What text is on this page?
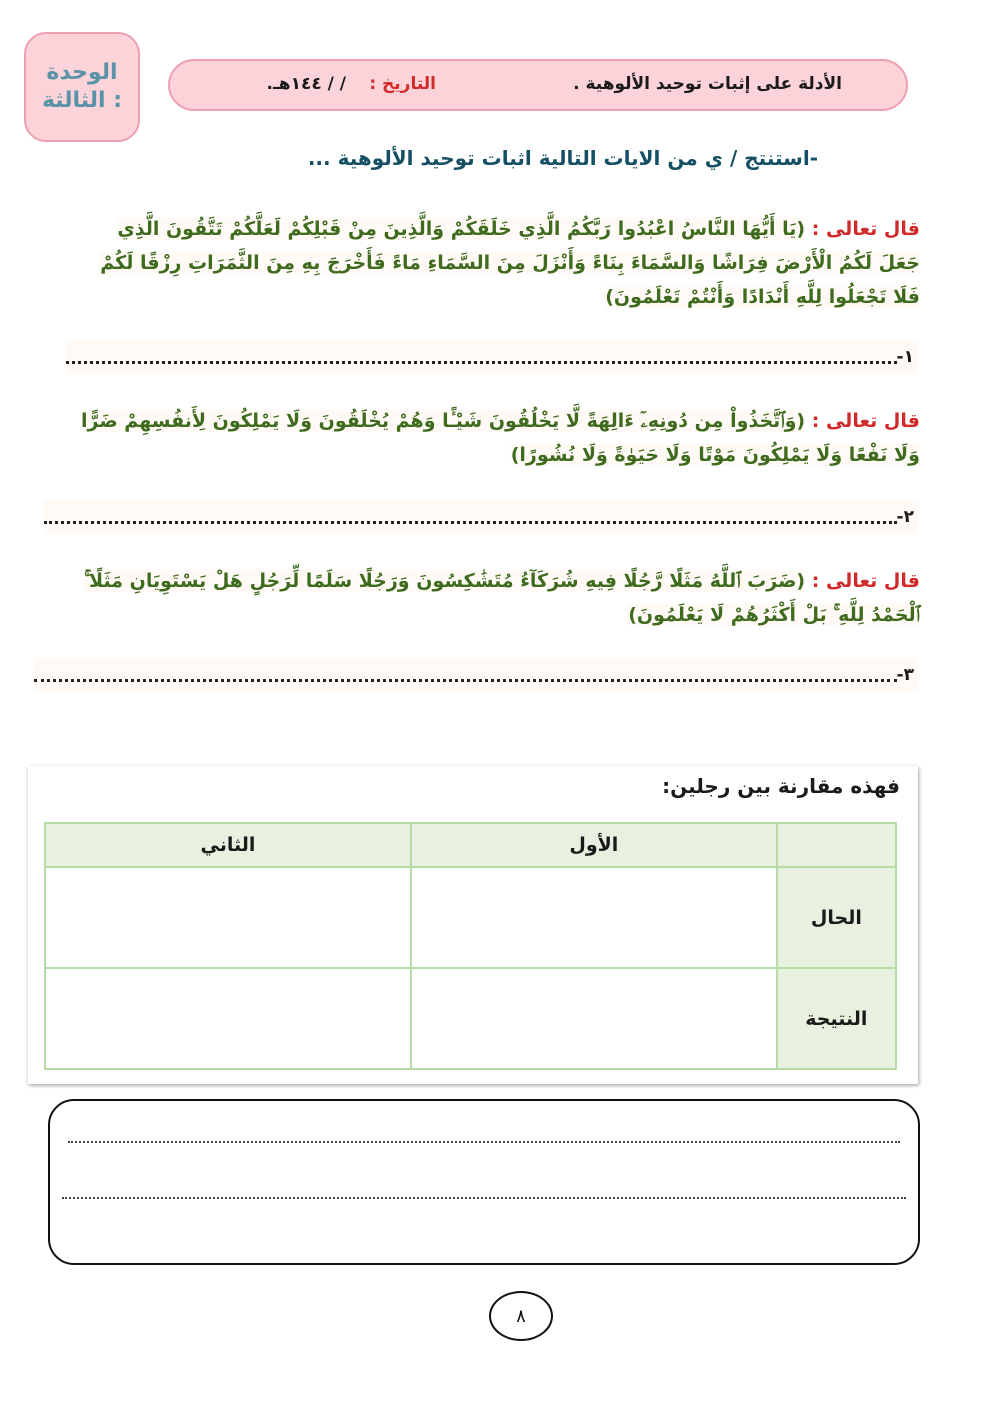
الوحدة
الثالثة :
الأدلة على إثبات توحيد الألوهية .
التاريخ :
/ / ١٤٤هـ.
-استنتج / ي من الايات التالية اثبات توحيد الألوهية ...
قال تعالى : (يَا أَيُّهَا النَّاسُ اعْبُدُوا رَبَّكُمُ الَّذِي خَلَقَكُمْ وَالَّذِينَ مِنْ قَبْلِكُمْ لَعَلَّكُمْ تَتَّقُونَ الَّذِي جَعَلَ لَكُمُ الْأَرْضَ فِرَاشًا وَالسَّمَاءَ بِنَاءً وَأَنْزَلَ مِنَ السَّمَاءِ مَاءً فَأَخْرَجَ بِهِ مِنَ الثَّمَرَاتِ رِزْقًا لَكُمْ فَلَا تَجْعَلُوا لِلَّهِ أَنْدَادًا وَأَنْتُمْ تَعْلَمُونَ)
١-
قال تعالى : (وَٱتَّخَذُواْ مِن دُونِهِۦٓ ءَالِهَةً لَّا يَخْلُقُونَ شَيْـًٔا وَهُمْ يُخْلَقُونَ وَلَا يَمْلِكُونَ لِأَنفُسِهِمْ ضَرًّا وَلَا نَفْعًا وَلَا يَمْلِكُونَ مَوْتًا وَلَا حَيَوٰةً وَلَا نُشُورًا)
٢-
قال تعالى : (ضَرَبَ ٱللَّهُ مَثَلًا رَّجُلًا فِيهِ شُرَكَآءُ مُتَشَٰكِسُونَ وَرَجُلًا سَلَمًا لِّرَجُلٍ هَلْ يَسْتَوِيَانِ مَثَلًا ۚ ٱلْحَمْدُ لِلَّهِ ۚ بَلْ أَكْثَرُهُمْ لَا يَعْلَمُونَ)
٣-
فهذه مقارنة بين رجلين:
	الأول	الثاني
الحال		
النتيجة		
٨
